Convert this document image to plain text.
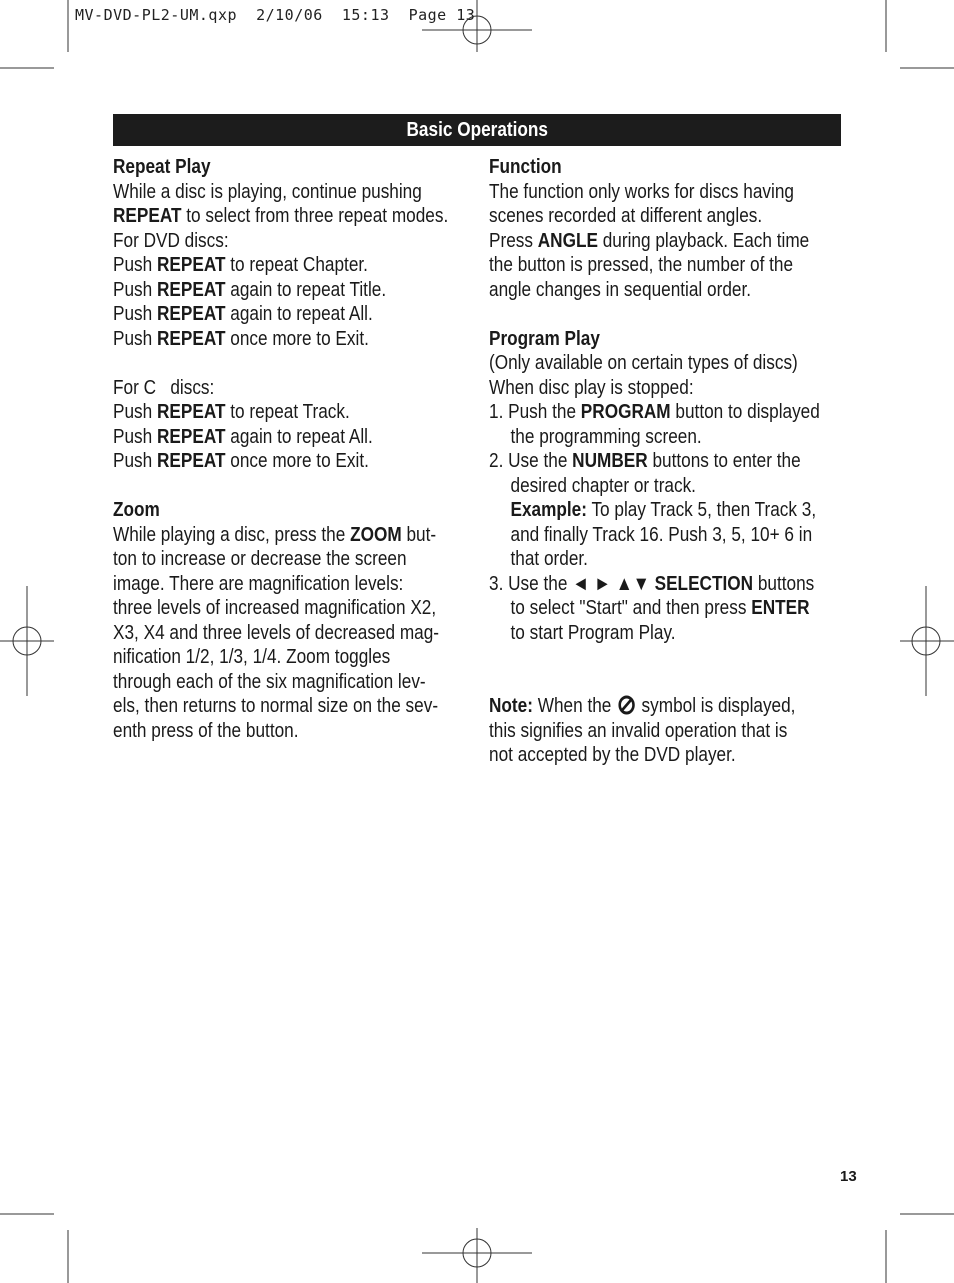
MV-DVD-PL2-UM.qxp  2/10/06  15:13  Page 13
Basic Operations
Repeat Play
While a disc is playing, continue pushing
REPEAT to select from three repeat modes.
For DVD discs:
Push REPEAT to repeat Chapter.
Push REPEAT again to repeat Title.
Push REPEAT again to repeat All.
Push REPEAT once more to Exit.
For C   discs:
Push REPEAT to repeat Track.
Push REPEAT again to repeat All.
Push REPEAT once more to Exit.
Zoom
While playing a disc, press the ZOOM but-
ton to increase or decrease the screen
image. There are magnification levels:
three levels of increased magnification X2,
X3, X4 and three levels of decreased mag-
nification 1/2, 1/3, 1/4. Zoom toggles
through each of the six magnification lev-
els, then returns to normal size on the sev-
enth press of the button.
Function
The function only works for discs having
scenes recorded at different angles.
Press ANGLE during playback. Each time
the button is pressed, the number of the
angle changes in sequential order.
Program Play
(Only available on certain types of discs)
When disc play is stopped:
1. Push the PROGRAM button to displayed
the programming screen.
2. Use the NUMBER buttons to enter the
desired chapter or track.
Example: To play Track 5, then Track 3,
and finally Track 16. Push 3, 5, 10+ 6 in
that order.
3. Use the ◄ ► ▲▼ SELECTION buttons
to select "Start" and then press ENTER
to start Program Play.
Note: When the  symbol is displayed,
this signifies an invalid operation that is
not accepted by the DVD player.
13
